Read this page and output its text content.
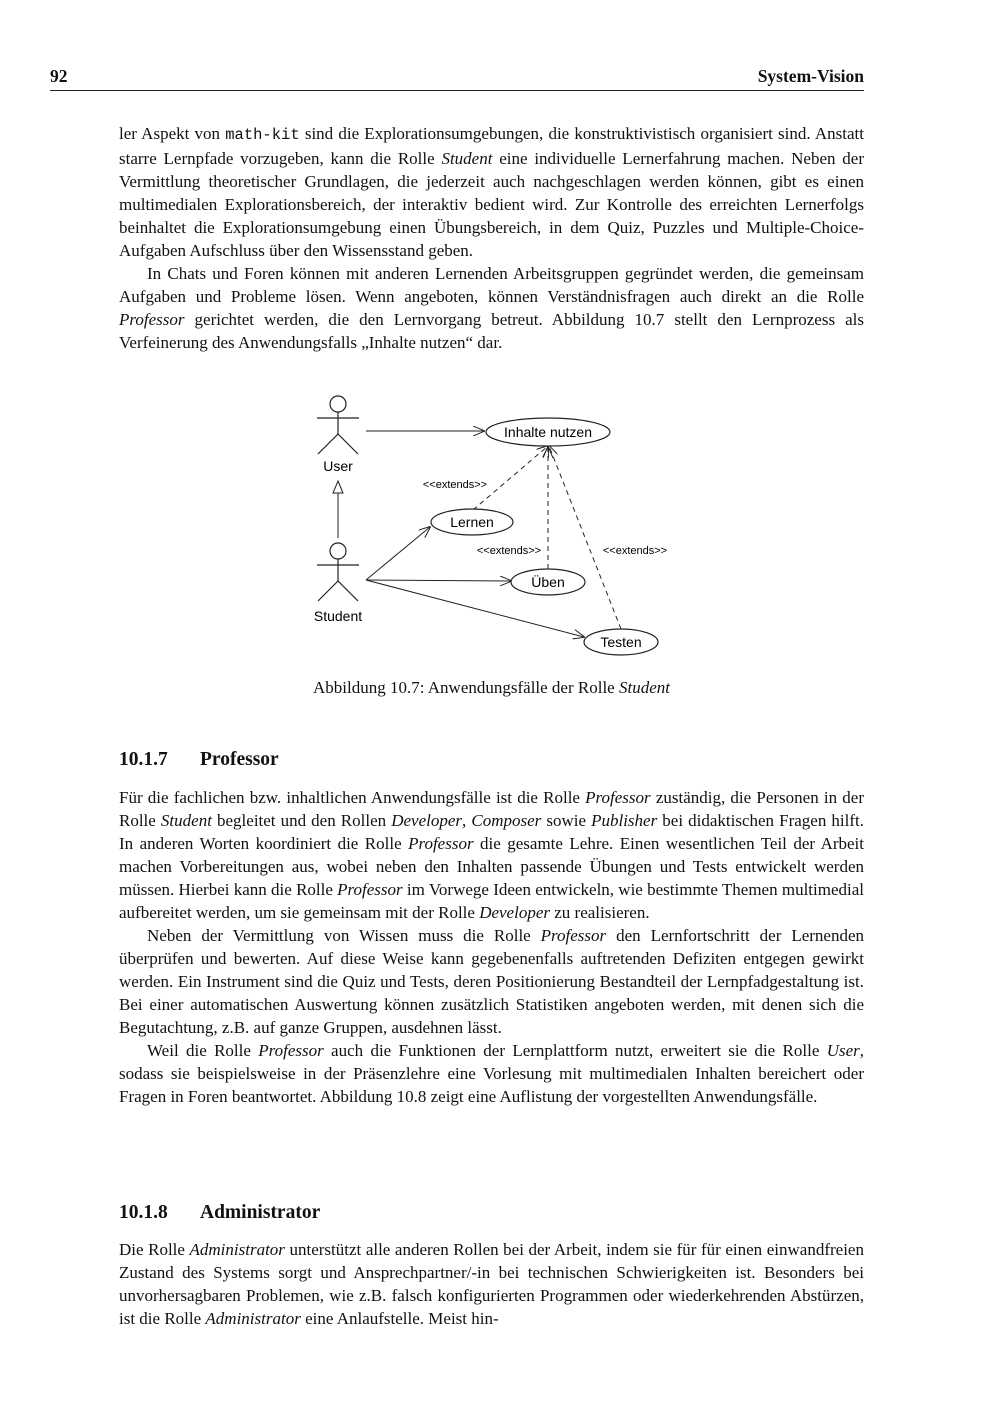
92	System-Vision

ler Aspekt von math-kit sind die Explorationsumgebungen, die konstruktivistisch organisiert sind. Anstatt starre Lernpfade vorzugeben, kann die Rolle Student eine individuelle Lernerfahrung machen. Neben der Vermittlung theoretischer Grundlagen, die jederzeit auch nachgeschlagen werden können, gibt es einen multimedialen Explorationsbereich, der interaktiv bedient wird. Zur Kontrolle des erreichten Lernerfolgs beinhaltet die Explorationsumgebung einen Übungsbereich, in dem Quiz, Puzzles und Multiple-Choice-Aufgaben Aufschluss über den Wissensstand geben.

In Chats und Foren können mit anderen Lernenden Arbeitsgruppen gegründet werden, die gemeinsam Aufgaben und Probleme lösen. Wenn angeboten, können Verständnisfragen auch direkt an die Rolle Professor gerichtet werden, die den Lernvorgang betreut. Abbildung 10.7 stellt den Lernprozess als Verfeinerung des Anwendungsfalls „Inhalte nutzen“ dar.

User
Student
Inhalte nutzen
Lernen
Üben
Testen
<<extends>>
<<extends>>	<<extends>>
Abbildung 10.7: Anwendungsfälle der Rolle Student
10.1.7 Professor

Für die fachlichen bzw. inhaltlichen Anwendungsfälle ist die Rolle Professor zuständig, die Personen in der Rolle Student begleitet und den Rollen Developer, Composer sowie Publisher bei didaktischen Fragen hilft. In anderen Worten koordiniert die Rolle Professor die gesamte Lehre. Einen wesentlichen Teil der Arbeit machen Vorbereitungen aus, wobei neben den Inhalten passende Übungen und Tests entwickelt werden müssen. Hierbei kann die Rolle Professor im Vorwege Ideen entwickeln, wie bestimmte Themen multimedial aufbereitet werden, um sie gemeinsam mit der Rolle Developer zu realisieren.

Neben der Vermittlung von Wissen muss die Rolle Professor den Lernfortschritt der Lernenden überprüfen und bewerten. Auf diese Weise kann gegebenenfalls auftretenden Defiziten entgegen gewirkt werden. Ein Instrument sind die Quiz und Tests, deren Positionierung Bestandteil der Lernpfadgestaltung ist. Bei einer automatischen Auswertung können zusätzlich Statistiken angeboten werden, mit denen sich die Begutachtung, z.B. auf ganze Gruppen, ausdehnen lässt.

Weil die Rolle Professor auch die Funktionen der Lernplattform nutzt, erweitert sie die Rolle User, sodass sie beispielsweise in der Präsenzlehre eine Vorlesung mit multimedialen Inhalten bereichert oder Fragen in Foren beantwortet. Abbildung 10.8 zeigt eine Auflistung der vorgestellten Anwendungsfälle.

10.1.8 Administrator

Die Rolle Administrator unterstützt alle anderen Rollen bei der Arbeit, indem sie für für einen einwandfreien Zustand des Systems sorgt und Ansprechpartner/-in bei technischen Schwierigkeiten ist. Besonders bei unvorhersagbaren Problemen, wie z.B. falsch konfigurierten Programmen oder wiederkehrenden Abstürzen, ist die Rolle Administrator eine Anlaufstelle. Meist hin-
